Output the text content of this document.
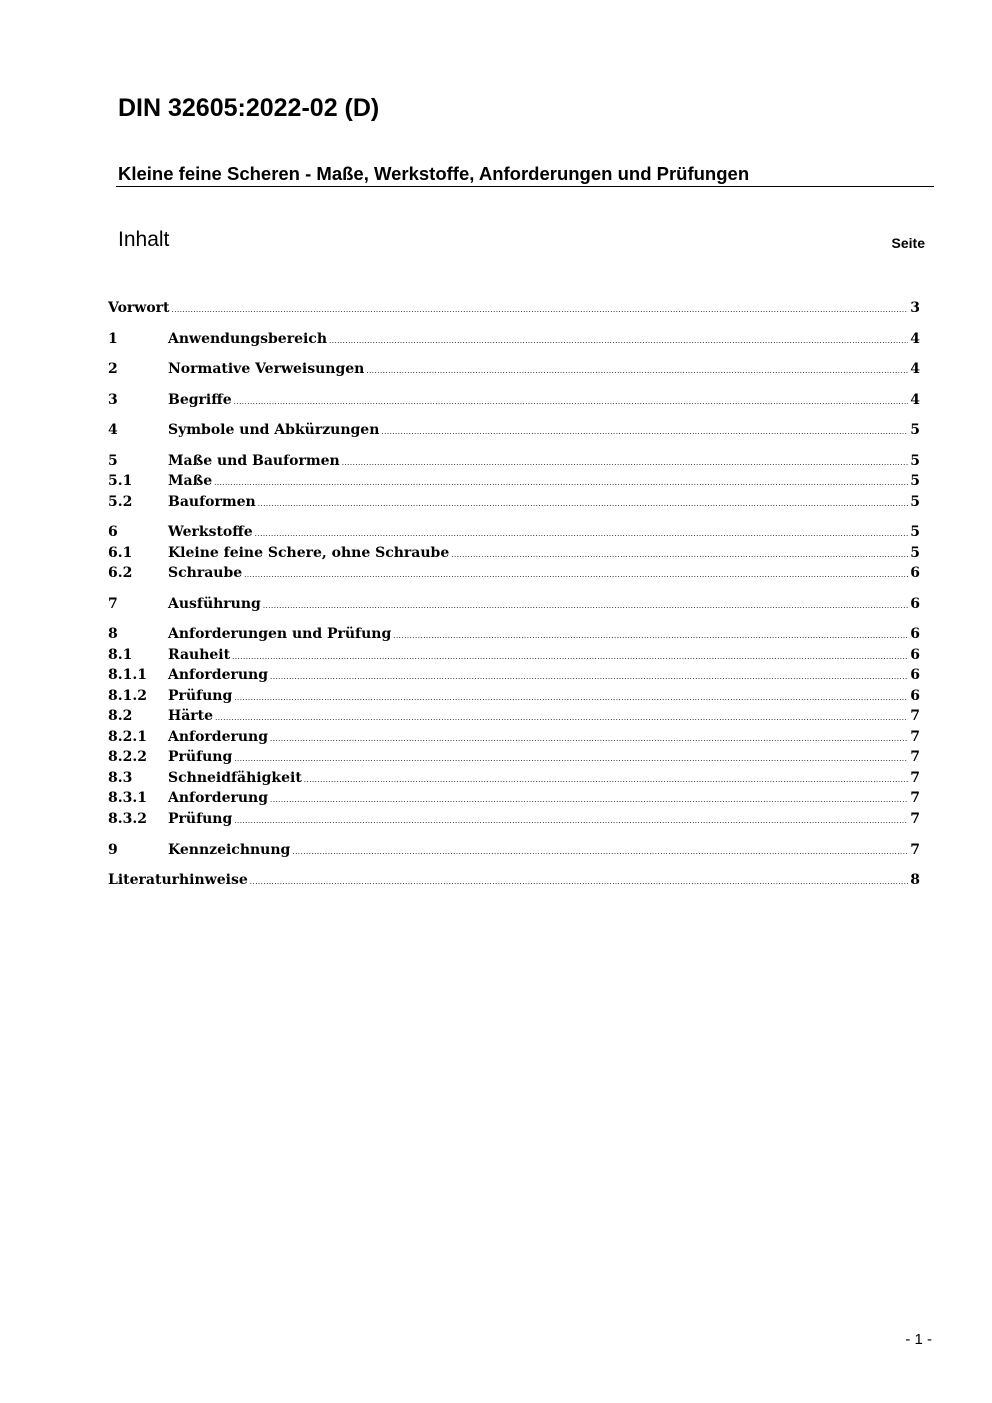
DIN 32605:2022-02 (D)
Kleine feine Scheren - Maße, Werkstoffe, Anforderungen und Prüfungen
Inhalt	Seite
Vorwort .....	3
1	Anwendungsbereich .....	4
2	Normative Verweisungen .....	4
3	Begriffe .....	4
4	Symbole und Abkürzungen .....	5
5	Maße und Bauformen .....	5
5.1	Maße .....	5
5.2	Bauformen .....	5
6	Werkstoffe .....	5
6.1	Kleine feine Schere, ohne Schraube .....	5
6.2	Schraube .....	6
7	Ausführung .....	6
8	Anforderungen und Prüfung .....	6
8.1	Rauheit .....	6
8.1.1	Anforderung .....	6
8.1.2	Prüfung .....	6
8.2	Härte .....	7
8.2.1	Anforderung .....	7
8.2.2	Prüfung .....	7
8.3	Schneidfähigkeit .....	7
8.3.1	Anforderung .....	7
8.3.2	Prüfung .....	7
9	Kennzeichnung .....	7
Literaturhinweise .....	8
- 1 -
